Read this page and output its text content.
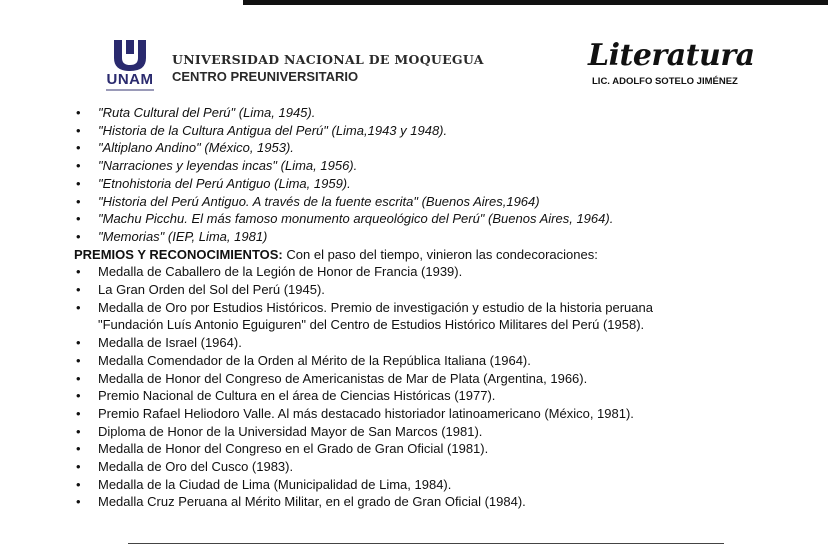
UNAM
UNIVERSIDAD NACIONAL DE MOQUEGUA
CENTRO PREUNIVERSITARIO
Literatura
LIC. ADOLFO SOTELO JIMÉNEZ
• "Ruta Cultural del Perú" (Lima, 1945).
• "Historia de la Cultura Antigua del Perú" (Lima,1943 y 1948).
• "Altiplano Andino" (México, 1953).
• "Narraciones y leyendas incas" (Lima, 1956).
• "Etnohistoria del Perú Antiguo (Lima, 1959).
• "Historia del Perú Antiguo. A través de la fuente escrita" (Buenos Aires,1964)
• "Machu Picchu. El más famoso monumento arqueológico del Perú" (Buenos Aires, 1964).
• "Memorias" (IEP, Lima, 1981)
PREMIOS Y RECONOCIMIENTOS: Con el paso del tiempo, vinieron las condecoraciones:
• Medalla de Caballero de la Legión de Honor de Francia (1939).
• La Gran Orden del Sol del Perú (1945).
• Medalla de Oro por Estudios Históricos. Premio de investigación y estudio de la historia peruana
"Fundación Luís Antonio Eguiguren" del Centro de Estudios Histórico Militares del Perú (1958).
• Medalla de Israel (1964).
• Medalla Comendador de la Orden al Mérito de la República Italiana (1964).
• Medalla de Honor del Congreso de Americanistas de Mar de Plata (Argentina, 1966).
• Premio Nacional de Cultura en el área de Ciencias Históricas (1977).
• Premio Rafael Heliodoro Valle. Al más destacado historiador latinoamericano (México, 1981).
• Diploma de Honor de la Universidad Mayor de San Marcos (1981).
• Medalla de Honor del Congreso en el Grado de Gran Oficial (1981).
• Medalla de Oro del Cusco (1983).
• Medalla de la Ciudad de Lima (Municipalidad de Lima, 1984).
• Medalla Cruz Peruana al Mérito Militar, en el grado de Gran Oficial (1984).
